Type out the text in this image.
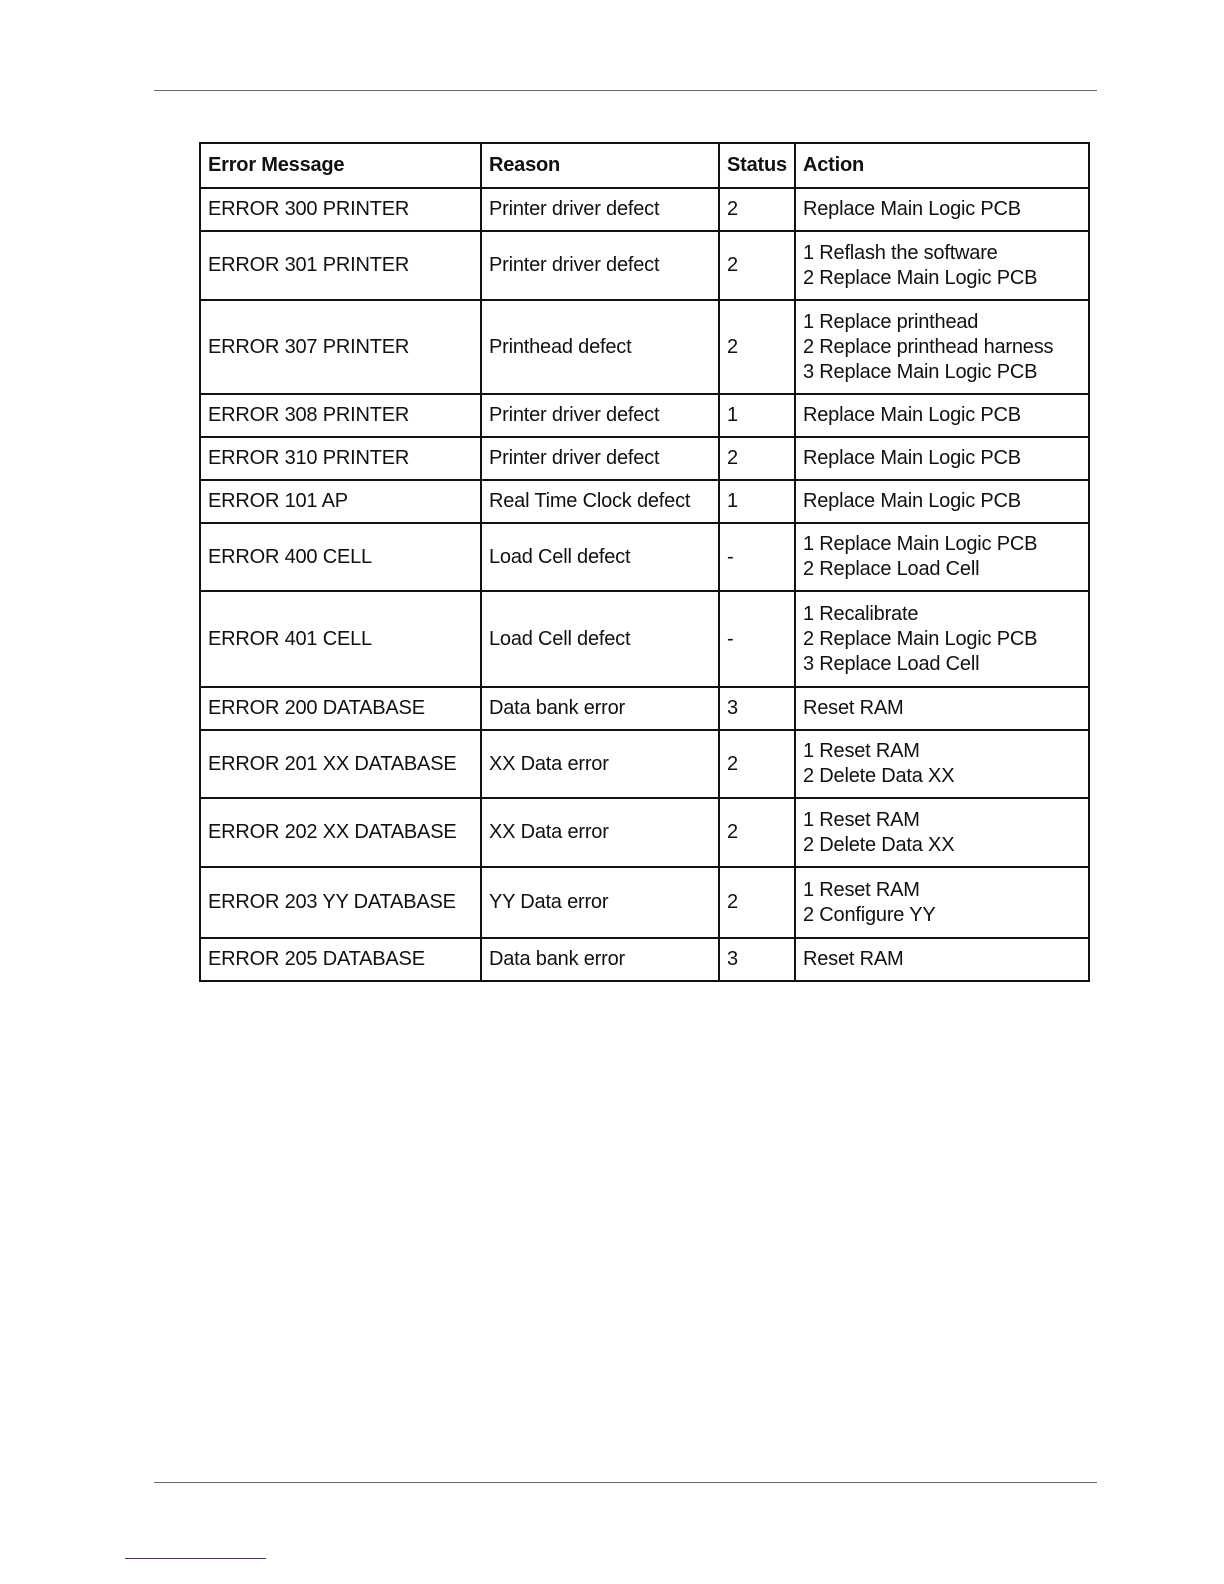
Error Message	Reason	Status	Action
ERROR 300 PRINTER	Printer driver defect	2	Replace Main Logic PCB

ERROR 301 PRINTER	Printer driver defect	2	1 Reflash the software
2 Replace Main Logic PCB

ERROR 307 PRINTER	Printhead defect	2	1 Replace printhead
2 Replace printhead harness
3 Replace Main Logic PCB

ERROR 308 PRINTER	Printer driver defect	1	Replace Main Logic PCB

ERROR 310 PRINTER	Printer driver defect	2	Replace Main Logic PCB

ERROR 101 AP	Real Time Clock defect	1	Replace Main Logic PCB

ERROR 400 CELL	Load Cell defect	-	1 Replace Main Logic PCB
2 Replace Load Cell

ERROR 401 CELL	Load Cell defect	-	1 Recalibrate
2 Replace Main Logic PCB
3 Replace Load Cell

ERROR 200 DATABASE	Data bank error	3	Reset RAM

ERROR 201 XX DATABASE	XX Data error	2	1 Reset RAM
2 Delete Data XX

ERROR 202 XX DATABASE	XX Data error	2	1 Reset RAM
2 Delete Data XX

ERROR 203 YY DATABASE	YY Data error	2	1 Reset RAM
2 Configure YY

ERROR 205 DATABASE	Data bank error	3	Reset RAM
